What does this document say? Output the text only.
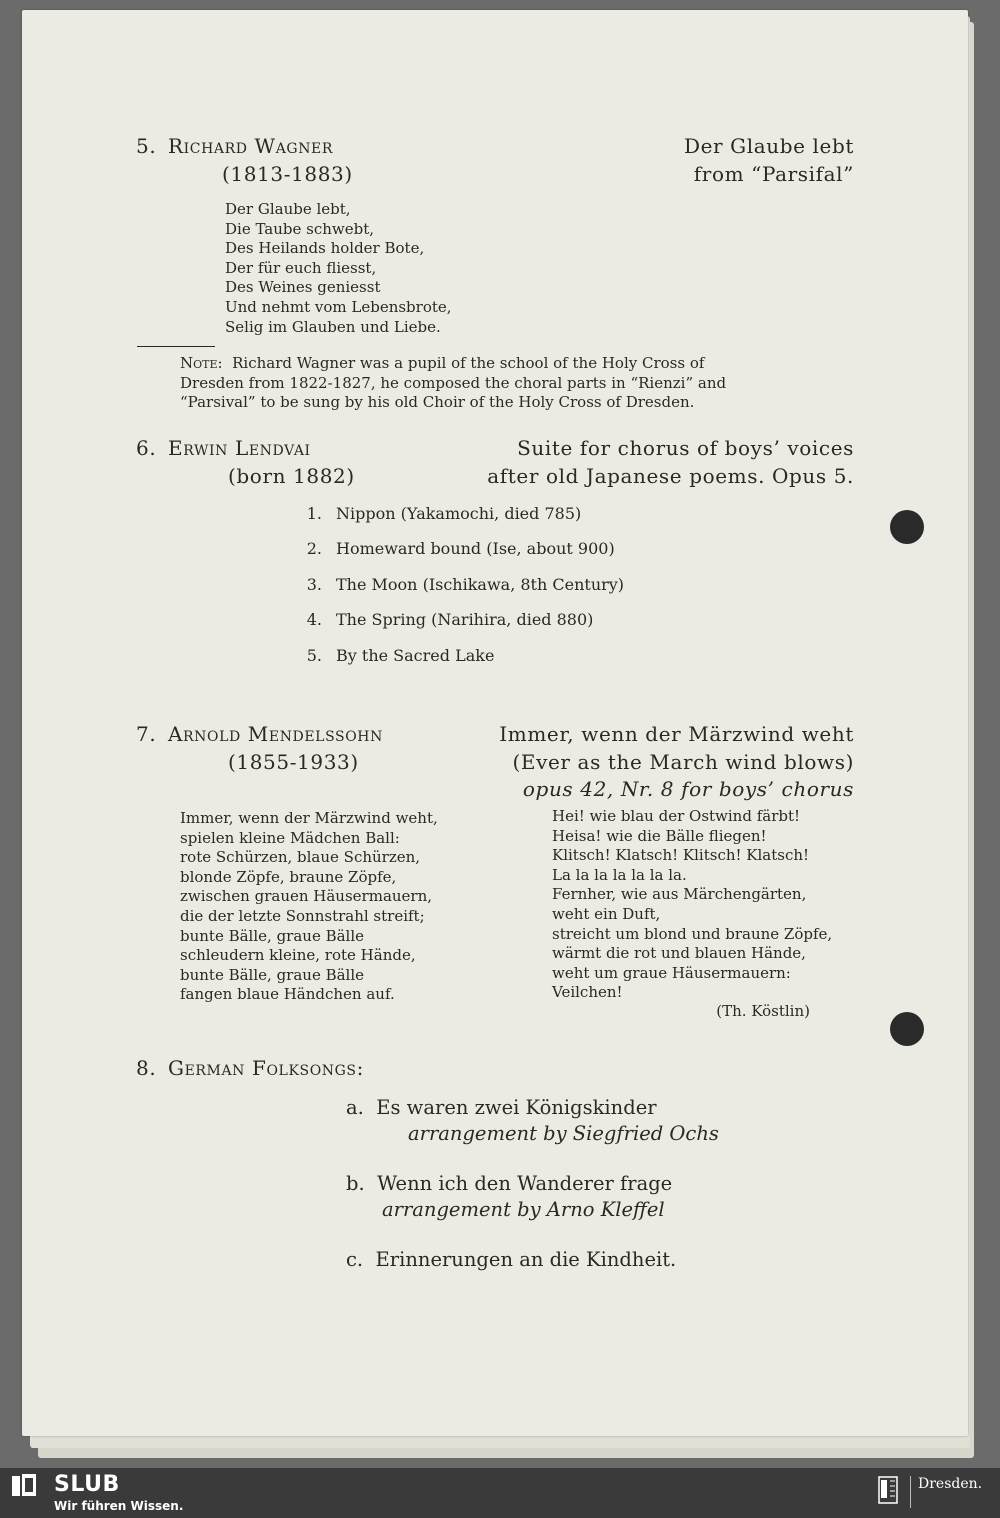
5. Richard Wagner
(1813-1883)
Der Glaube lebt
from “Parsifal”
Der Glaube lebt,
Die Taube schwebt,
Des Heilands holder Bote,
Der für euch fliesst,
Des Weines geniesst
Und nehmt vom Lebensbrote,
Selig im Glauben und Liebe.
Note: Richard Wagner was a pupil of the school of the Holy Cross of
Dresden from 1822-1827, he composed the choral parts in “Rienzi” and
“Parsival” to be sung by his old Choir of the Holy Cross of Dresden.
6. Erwin Lendvai
(born 1882)
Suite for chorus of boys’ voices
after old Japanese poems. Opus 5.
1. Nippon (Yakamochi, died 785)
2. Homeward bound (Ise, about 900)
3. The Moon (Ischikawa, 8th Century)
4. The Spring (Narihira, died 880)
5. By the Sacred Lake
7. Arnold Mendelssohn
(1855-1933)
Immer, wenn der Märzwind weht
(Ever as the March wind blows)
opus 42, Nr. 8 for boys’ chorus
Immer, wenn der Märzwind weht,
spielen kleine Mädchen Ball:
rote Schürzen, blaue Schürzen,
blonde Zöpfe, braune Zöpfe,
zwischen grauen Häusermauern,
die der letzte Sonnstrahl streift;
bunte Bälle, graue Bälle
schleudern kleine, rote Hände,
bunte Bälle, graue Bälle
fangen blaue Händchen auf.
Hei! wie blau der Ostwind färbt!
Heisa! wie die Bälle fliegen!
Klitsch! Klatsch! Klitsch! Klatsch!
La la la la la la la.
Fernher, wie aus Märchengärten,
weht ein Duft,
streicht um blond und braune Zöpfe,
wärmt die rot und blauen Hände,
weht um graue Häusermauern:
Veilchen!
(Th. Köstlin)
8. German Folksongs:
a. Es waren zwei Königskinder
arrangement by Siegfried Ochs
b. Wenn ich den Wanderer frage
arrangement by Arno Kleffel
c. Erinnerungen an die Kindheit.
SLUB
Wir führen Wissen.
Dresden.
